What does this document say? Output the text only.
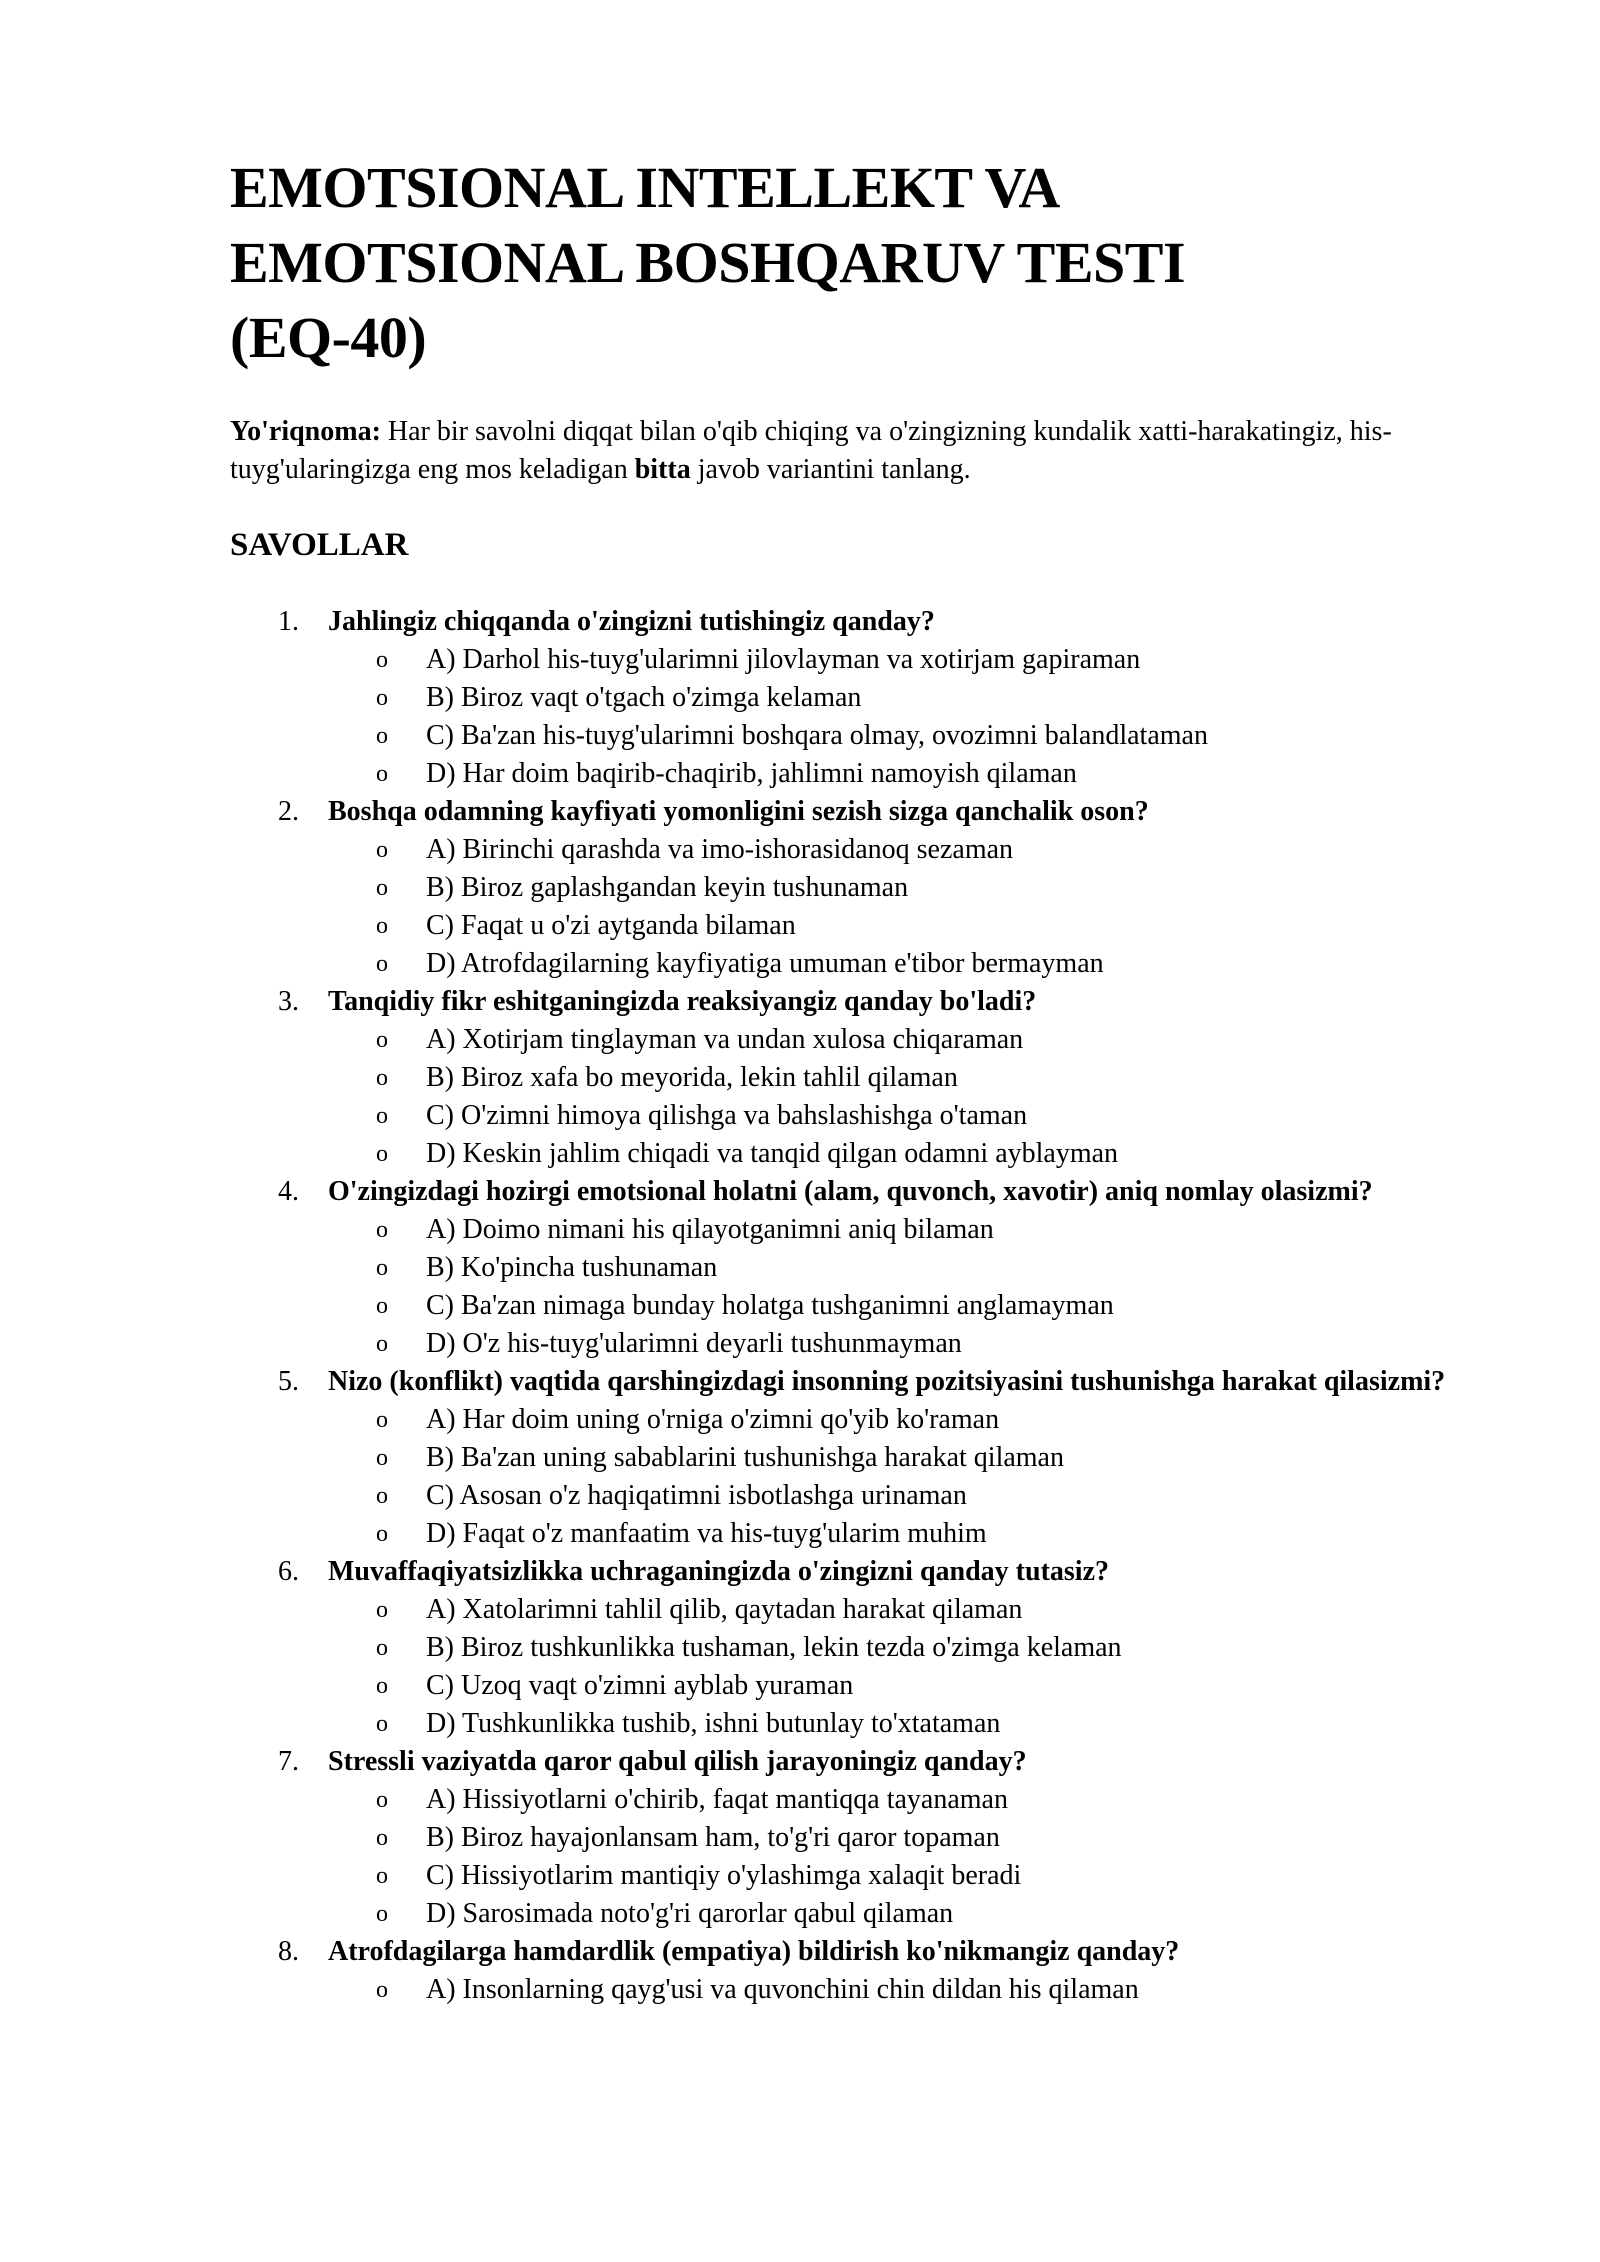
EMOTSIONAL INTELLEKT VA
EMOTSIONAL BOSHQARUV TESTI
(EQ-40)

Yo'riqnoma: Har bir savolni diqqat bilan o'qib chiqing va o'zingizning kundalik xatti-harakatingiz, his-tuyg'ularingizga eng mos keladigan bitta javob variantini tanlang.

SAVOLLAR
1. Jahlingiz chiqqanda o'zingizni tutishingiz qanday?
o A) Darhol his-tuyg'ularimni jilovlayman va xotirjam gapiraman
o B) Biroz vaqt o'tgach o'zimga kelaman
o C) Ba'zan his-tuyg'ularimni boshqara olmay, ovozimni balandlataman
o D) Har doim baqirib-chaqirib, jahlimni namoyish qilaman
2. Boshqa odamning kayfiyati yomonligini sezish sizga qanchalik oson?
o A) Birinchi qarashda va imo-ishorasidanoq sezaman
o B) Biroz gaplashgandan keyin tushunaman
o C) Faqat u o'zi aytganda bilaman
o D) Atrofdagilarning kayfiyatiga umuman e'tibor bermayman
3. Tanqidiy fikr eshitganingizda reaksiyangiz qanday bo'ladi?
o A) Xotirjam tinglayman va undan xulosa chiqaraman
o B) Biroz xafa bo meyorida, lekin tahlil qilaman
o C) O'zimni himoya qilishga va bahslashishga o'taman
o D) Keskin jahlim chiqadi va tanqid qilgan odamni ayblayman
4. O'zingizdagi hozirgi emotsional holatni (alam, quvonch, xavotir) aniq nomlay olasizmi?
o A) Doimo nimani his qilayotganimni aniq bilaman
o B) Ko'pincha tushunaman
o C) Ba'zan nimaga bunday holatga tushganimni anglamayman
o D) O'z his-tuyg'ularimni deyarli tushunmayman
5. Nizo (konflikt) vaqtida qarshingizdagi insonning pozitsiyasini tushunishga harakat qilasizmi?
o A) Har doim uning o'rniga o'zimni qo'yib ko'raman
o B) Ba'zan uning sabablarini tushunishga harakat qilaman
o C) Asosan o'z haqiqatimni isbotlashga urinaman
o D) Faqat o'z manfaatim va his-tuyg'ularim muhim
6. Muvaffaqiyatsizlikka uchraganingizda o'zingizni qanday tutasiz?
o A) Xatolarimni tahlil qilib, qaytadan harakat qilaman
o B) Biroz tushkunlikka tushaman, lekin tezda o'zimga kelaman
o C) Uzoq vaqt o'zimni ayblab yuraman
o D) Tushkunlikka tushib, ishni butunlay to'xtataman
7. Stressli vaziyatda qaror qabul qilish jarayoningiz qanday?
o A) Hissiyotlarni o'chirib, faqat mantiqqa tayanaman
o B) Biroz hayajonlansam ham, to'g'ri qaror topaman
o C) Hissiyotlarim mantiqiy o'ylashimga xalaqit beradi
o D) Sarosimada noto'g'ri qarorlar qabul qilaman
8. Atrofdagilarga hamdardlik (empatiya) bildirish ko'nikmangiz qanday?
o A) Insonlarning qayg'usi va quvonchini chin dildan his qilaman
